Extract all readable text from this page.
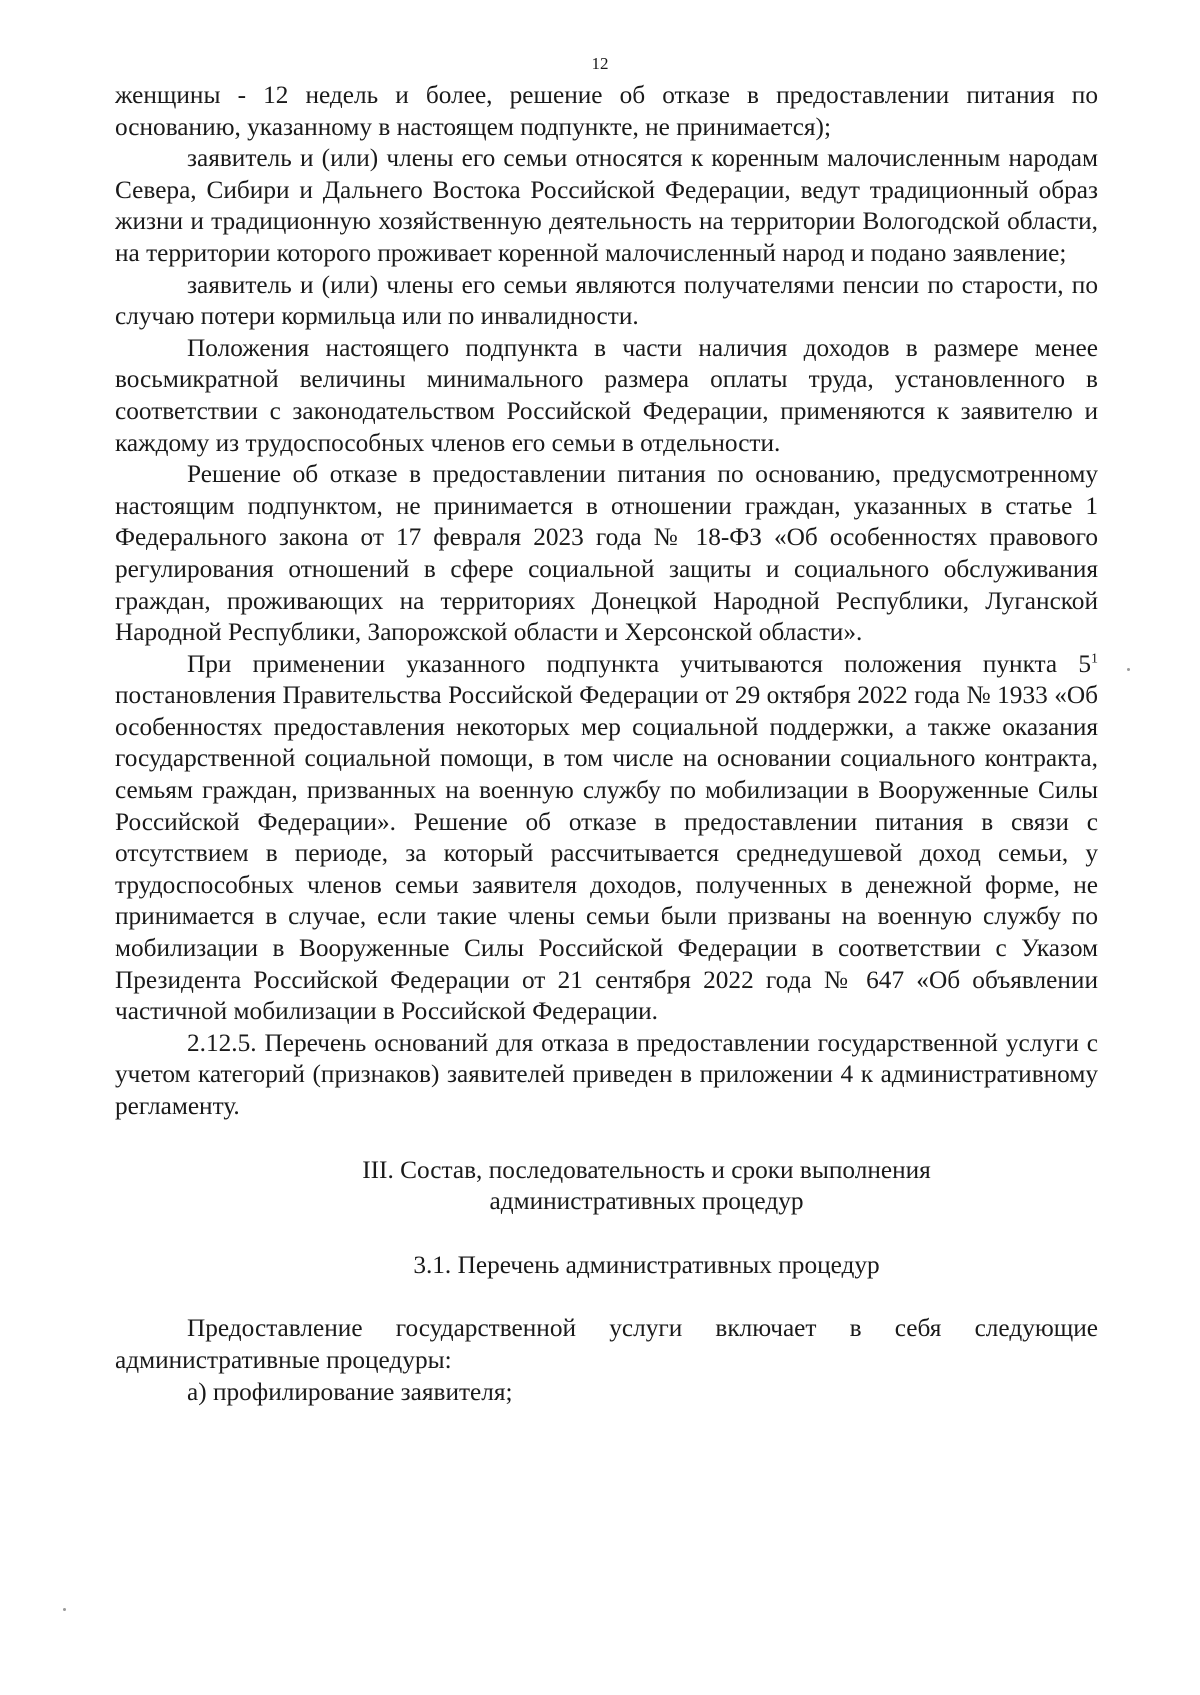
12

женщины - 12 недель и более, решение об отказе в предоставлении питания по основанию, указанному в настоящем подпункте, не принимается);

заявитель и (или) члены его семьи относятся к коренным малочисленным народам Севера, Сибири и Дальнего Востока Российской Федерации, ведут традиционный образ жизни и традиционную хозяйственную деятельность на территории Вологодской области, на территории которого проживает коренной малочисленный народ и подано заявление;

заявитель и (или) члены его семьи являются получателями пенсии по старости, по случаю потери кормильца или по инвалидности.

Положения настоящего подпункта в части наличия доходов в размере менее восьмикратной величины минимального размера оплаты труда, установленного в соответствии с законодательством Российской Федерации, применяются к заявителю и каждому из трудоспособных членов его семьи в отдельности.

Решение об отказе в предоставлении питания по основанию, предусмотренному настоящим подпунктом, не принимается в отношении граждан, указанных в статье 1 Федерального закона от 17 февраля 2023 года № 18-ФЗ «Об особенностях правового регулирования отношений в сфере социальной защиты и социального обслуживания граждан, проживающих на территориях Донецкой Народной Республики, Луганской Народной Республики, Запорожской области и Херсонской области».

При применении указанного подпункта учитываются положения пункта $5^1$ постановления Правительства Российской Федерации от 29 октября 2022 года № 1933 «Об особенностях предоставления некоторых мер социальной поддержки, а также оказания государственной социальной помощи, в том числе на основании социального контракта, семьям граждан, призванных на военную службу по мобилизации в Вооруженные Силы Российской Федерации». Решение об отказе в предоставлении питания в связи с отсутствием в периоде, за который рассчитывается среднедушевой доход семьи, у трудоспособных членов семьи заявителя доходов, полученных в денежной форме, не принимается в случае, если такие члены семьи были призваны на военную службу по мобилизации в Вооруженные Силы Российской Федерации в соответствии с Указом Президента Российской Федерации от 21 сентября 2022 года № 647 «Об объявлении частичной мобилизации в Российской Федерации.

2.12.5. Перечень оснований для отказа в предоставлении государственной услуги с учетом категорий (признаков) заявителей приведен в приложении 4 к административному регламенту.

III. Состав, последовательность и сроки выполнения
административных процедур

3.1. Перечень административных процедур

Предоставление государственной услуги включает в себя следующие административные процедуры:

а) профилирование заявителя;
